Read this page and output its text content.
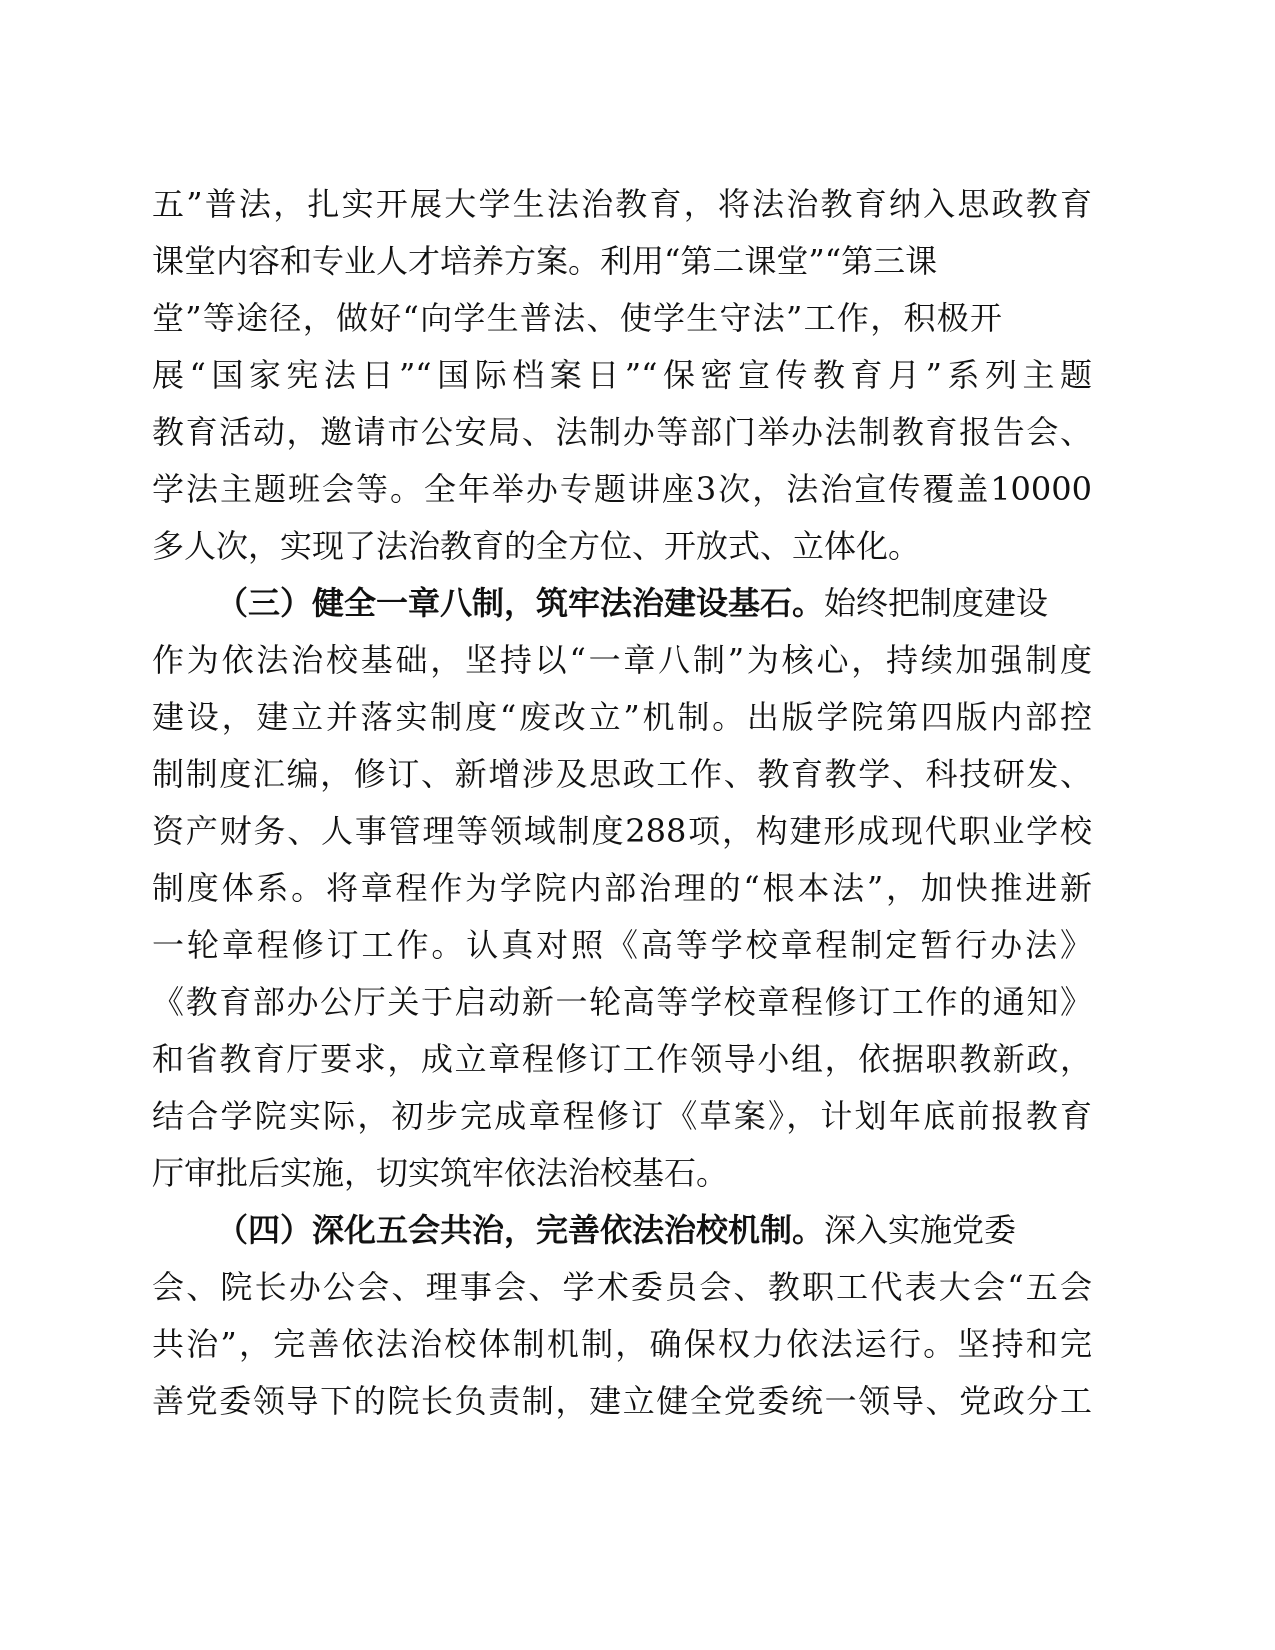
五”普法，扎实开展大学生法治教育，将法治教育纳入思政教育
课堂内容和专业人才培养方案。利用“第二课堂”“第三课
堂”等途径，做好“向学生普法、使学生守法”工作，积极开
展“国家宪法日”“国际档案日”“保密宣传教育月”系列主题
教育活动，邀请市公安局、法制办等部门举办法制教育报告会、
学法主题班会等。全年举办专题讲座3次，法治宣传覆盖10000
多人次，实现了法治教育的全方位、开放式、立体化。
（三）健全一章八制，筑牢法治建设基石。始终把制度建设
作为依法治校基础，坚持以“一章八制”为核心，持续加强制度
建设，建立并落实制度“废改立”机制。出版学院第四版内部控
制制度汇编，修订、新增涉及思政工作、教育教学、科技研发、
资产财务、人事管理等领域制度288项，构建形成现代职业学校
制度体系。将章程作为学院内部治理的“根本法”，加快推进新
一轮章程修订工作。认真对照《高等学校章程制定暂行办法》
《教育部办公厅关于启动新一轮高等学校章程修订工作的通知》
和省教育厅要求，成立章程修订工作领导小组，依据职教新政，
结合学院实际，初步完成章程修订《草案》，计划年底前报教育
厅审批后实施，切实筑牢依法治校基石。
（四）深化五会共治，完善依法治校机制。深入实施党委
会、院长办公会、理事会、学术委员会、教职工代表大会“五会
共治”，完善依法治校体制机制，确保权力依法运行。坚持和完
善党委领导下的院长负责制，建立健全党委统一领导、党政分工
